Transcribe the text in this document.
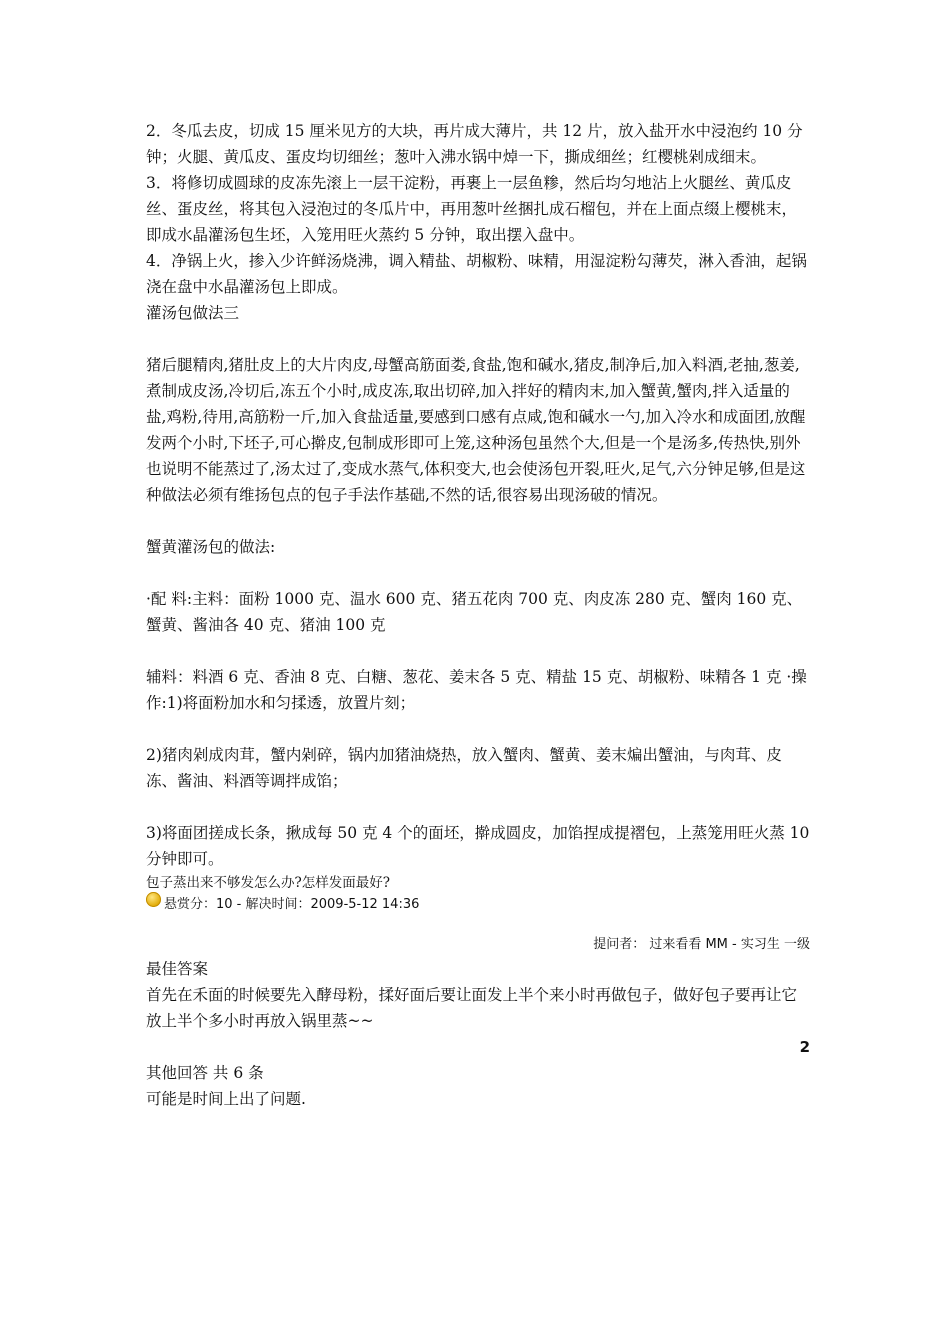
2．冬瓜去皮，切成 15 厘米见方的大块，再片成大薄片，共 12 片，放入盐开水中浸泡约 10 分钟；火腿、黄瓜皮、蛋皮均切细丝；葱叶入沸水锅中焯一下，撕成细丝；红樱桃剁成细末。

3．将修切成圆球的皮冻先滚上一层干淀粉，再裹上一层鱼糁，然后均匀地沾上火腿丝、黄瓜皮丝、蛋皮丝，将其包入浸泡过的冬瓜片中，再用葱叶丝捆扎成石榴包，并在上面点缀上樱桃末，即成水晶灌汤包生坯，入笼用旺火蒸约 5 分钟，取出摆入盘中。

4．净锅上火，掺入少许鲜汤烧沸，调入精盐、胡椒粉、味精，用湿淀粉勾薄芡，淋入香油，起锅浇在盘中水晶灌汤包上即成。

灌汤包做法三

猪后腿精肉,猪肚皮上的大片肉皮,母蟹高筋面娄,食盐,饱和碱水,猪皮,制净后,加入料酒,老抽,葱姜,煮制成皮汤,冷切后,冻五个小时,成皮冻,取出切碎,加入拌好的精肉末,加入蟹黄,蟹肉,拌入适量的盐,鸡粉,待用,高筋粉一斤,加入食盐适量,要感到口感有点咸,饱和碱水一勺,加入冷水和成面团,放醒发两个小时,下坯子,可心擀皮,包制成形即可上笼,这种汤包虽然个大,但是一个是汤多,传热快,别外也说明不能蒸过了,汤太过了,变成水蒸气,体积变大,也会使汤包开裂,旺火,足气,六分钟足够,但是这种做法必须有维扬包点的包子手法作基础,不然的话,很容易出现汤破的情况。

蟹黄灌汤包的做法:

·配 料:主料：面粉 1000 克、温水 600 克、猪五花肉 700 克、肉皮冻 280 克、蟹肉 160 克、蟹黄、酱油各 40 克、猪油 100 克

辅料：料酒 6 克、香油 8 克、白糖、葱花、姜末各 5 克、精盐 15 克、胡椒粉、味精各 1 克 ·操作:1)将面粉加水和匀揉透，放置片刻；

2)猪肉剁成肉茸，蟹内剁碎，锅内加猪油烧热，放入蟹肉、蟹黄、姜末煸出蟹油，与肉茸、皮冻、酱油、料酒等调拌成馅；

3)将面团搓成长条，揪成每 50 克 4 个的面坯，擀成圆皮，加馅捏成提褶包，上蒸笼用旺火蒸 10 分钟即可。

包子蒸出来不够发怎么办?怎样发面最好?

悬赏分：10 - 解决时间：2009-5-12 14:36
提问者： 过来看看 MM - 实习生 一级

最佳答案

首先在禾面的时候要先入酵母粉，揉好面后要让面发上半个来小时再做包子，做好包子要再让它放上半个多小时再放入锅里蒸~~

2

其他回答 共 6 条

可能是时间上出了问题.
